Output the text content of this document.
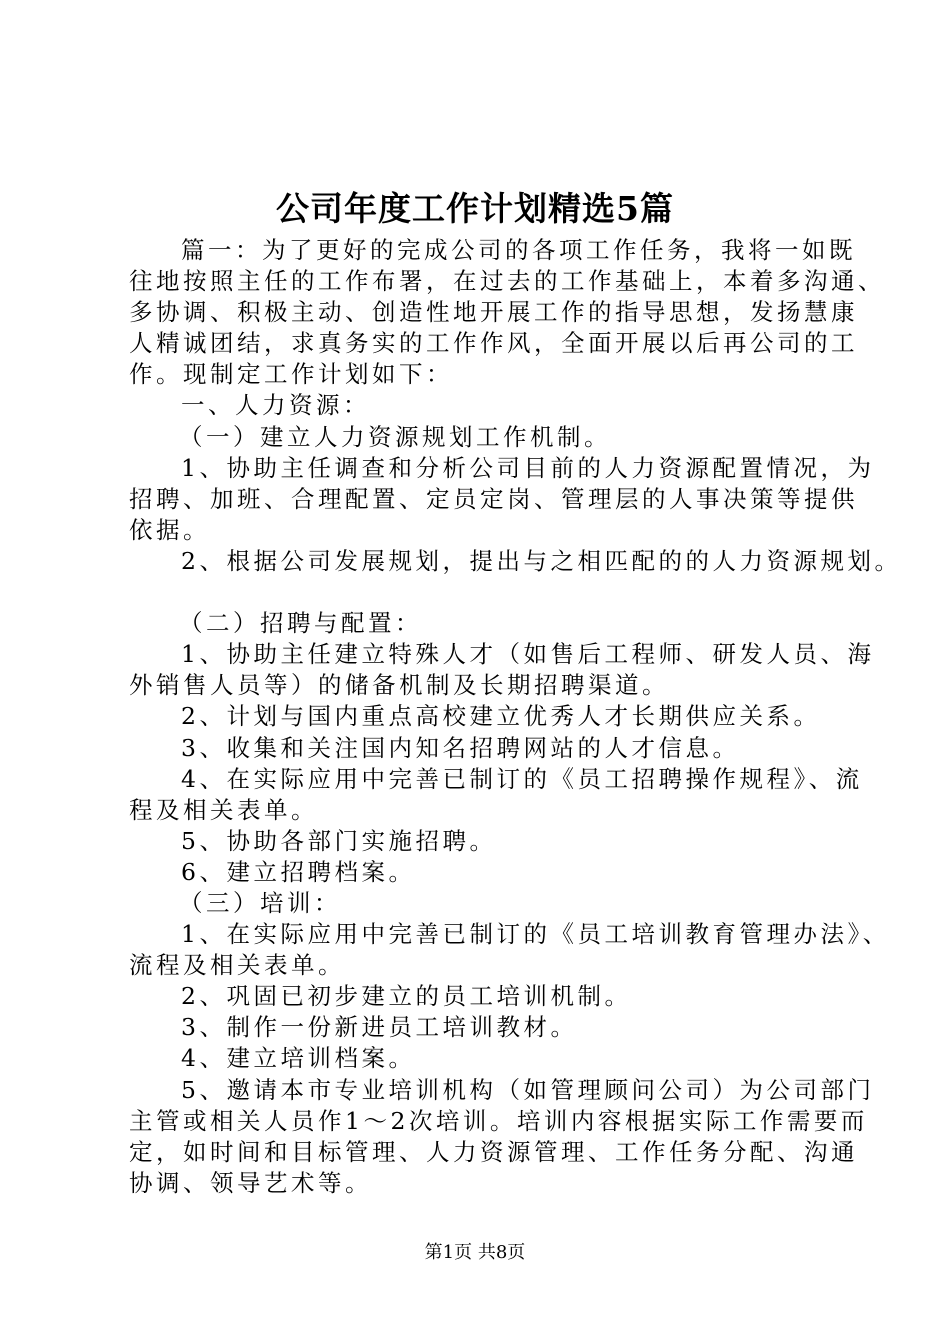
公司年度工作计划精选5篇
篇一：为了更好的完成公司的各项工作任务，我将一如既
往地按照主任的工作布署，在过去的工作基础上，本着多沟通、
多协调、积极主动、创造性地开展工作的指导思想，发扬慧康
人精诚团结，求真务实的工作作风，全面开展以后再公司的工
作。现制定工作计划如下：
一、人力资源：
（一）建立人力资源规划工作机制。
1、协助主任调查和分析公司目前的人力资源配置情况，为
招聘、加班、合理配置、定员定岗、管理层的人事决策等提供
依据。
2、根据公司发展规划，提出与之相匹配的的人力资源规划。
（二）招聘与配置：
1、协助主任建立特殊人才（如售后工程师、研发人员、海
外销售人员等）的储备机制及长期招聘渠道。
2、计划与国内重点高校建立优秀人才长期供应关系。
3、收集和关注国内知名招聘网站的人才信息。
4、在实际应用中完善已制订的《员工招聘操作规程》、流
程及相关表单。
5、协助各部门实施招聘。
6、建立招聘档案。
（三）培训：
1、在实际应用中完善已制订的《员工培训教育管理办法》、
流程及相关表单。
2、巩固已初步建立的员工培训机制。
3、制作一份新进员工培训教材。
4、建立培训档案。
5、邀请本市专业培训机构（如管理顾问公司）为公司部门
主管或相关人员作1～2次培训。培训内容根据实际工作需要而
定，如时间和目标管理、人力资源管理、工作任务分配、沟通
协调、领导艺术等。
第1页 共8页
